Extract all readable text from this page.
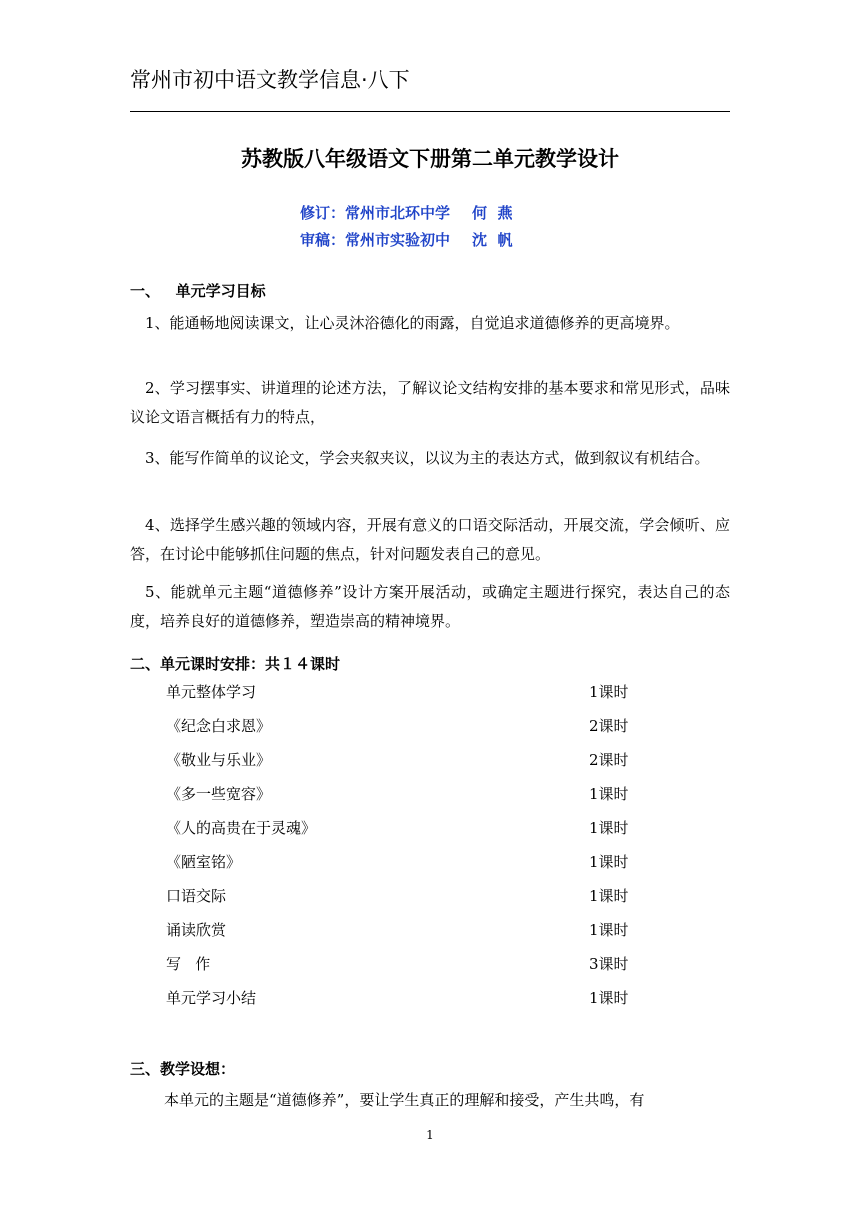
常州市初中语文教学信息·八下
苏教版八年级语文下册第二单元教学设计
修订：常州市北环中学 何  燕
审稿：常州市实验初中 沈  帆
一、   单元学习目标
1、能通畅地阅读课文，让心灵沐浴德化的雨露，自觉追求道德修养的更高境界。
2、学习摆事实、讲道理的论述方法，了解议论文结构安排的基本要求和常见形式，品味议论文语言概括有力的特点，
3、能写作简单的议论文，学会夹叙夹议，以议为主的表达方式，做到叙议有机结合。
4、选择学生感兴趣的领域内容，开展有意义的口语交际活动，开展交流，学会倾听、应答，在讨论中能够抓住问题的焦点，针对问题发表自己的意见。
5、能就单元主题“道德修养”设计方案开展活动，或确定主题进行探究，表达自己的态度，培养良好的道德修养，塑造崇高的精神境界。
二、单元课时安排：共１４课时
单元整体学习	1课时
《纪念白求恩》	2课时
《敬业与乐业》	2课时
《多一些宽容》	1课时
《人的高贵在于灵魂》	1课时
《陋室铭》	1课时
口语交际	1课时
诵读欣赏	1课时
写   作	3课时
单元学习小结	1课时
三、教学设想：
本单元的主题是“道德修养”，要让学生真正的理解和接受，产生共鸣，有
1
